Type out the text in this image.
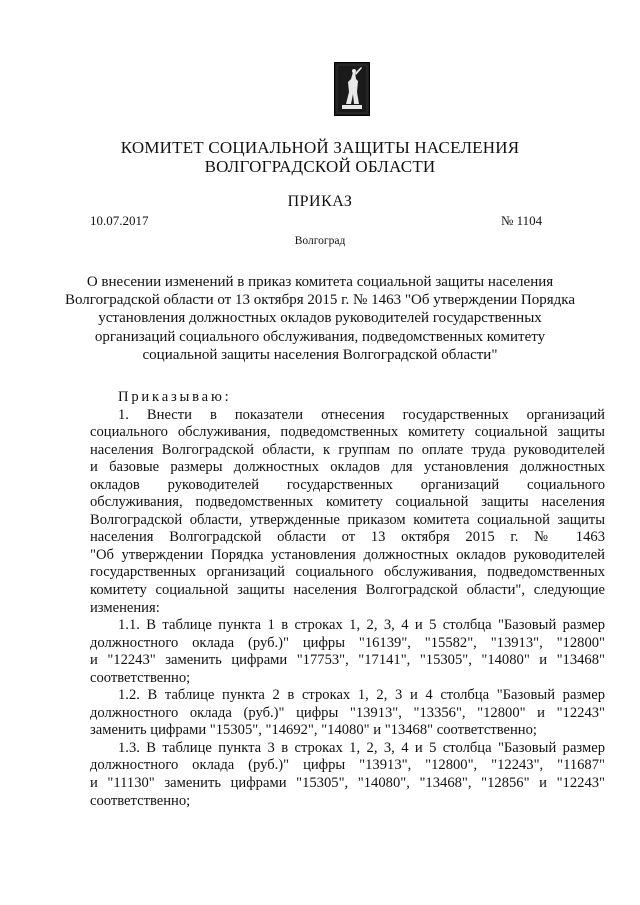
КОМИТЕТ СОЦИАЛЬНОЙ ЗАЩИТЫ НАСЕЛЕНИЯ
ВОЛГОГРАДСКОЙ ОБЛАСТИ
ПРИКАЗ
10.07.2017	№ 1104
Волгоград
О внесении изменений в приказ комитета социальной защиты населения
Волгоградской области от 13 октября 2015 г. № 1463 "Об утверждении Порядка
установления должностных окладов руководителей государственных
организаций социального обслуживания, подведомственных комитету
социальной защиты населения Волгоградской области"
Приказываю:
1. Внести в показатели отнесения государственных организаций
социального обслуживания, подведомственных комитету социальной защиты
населения Волгоградской области, к группам по оплате труда руководителей
и базовые размеры должностных окладов для установления должностных
окладов руководителей государственных организаций социального
обслуживания, подведомственных комитету социальной защиты населения
Волгоградской области, утвержденные приказом комитета социальной защиты
населения Волгоградской области от 13 октября 2015 г. № 1463
"Об утверждении Порядка установления должностных окладов руководителей
государственных организаций социального обслуживания, подведомственных
комитету социальной защиты населения Волгоградской области", следующие
изменения:
1.1. В таблице пункта 1 в строках 1, 2, 3, 4 и 5 столбца "Базовый размер
должностного оклада (руб.)" цифры "16139", "15582", "13913", "12800"
и "12243" заменить цифрами "17753", "17141", "15305", "14080" и "13468"
соответственно;
1.2. В таблице пункта 2 в строках 1, 2, 3 и 4 столбца "Базовый размер
должностного оклада (руб.)" цифры "13913", "13356", "12800" и "12243"
заменить цифрами "15305", "14692", "14080" и "13468" соответственно;
1.3. В таблице пункта 3 в строках 1, 2, 3, 4 и 5 столбца "Базовый размер
должностного оклада (руб.)" цифры "13913", "12800", "12243", "11687"
и "11130" заменить цифрами "15305", "14080", "13468", "12856" и "12243"
соответственно;
